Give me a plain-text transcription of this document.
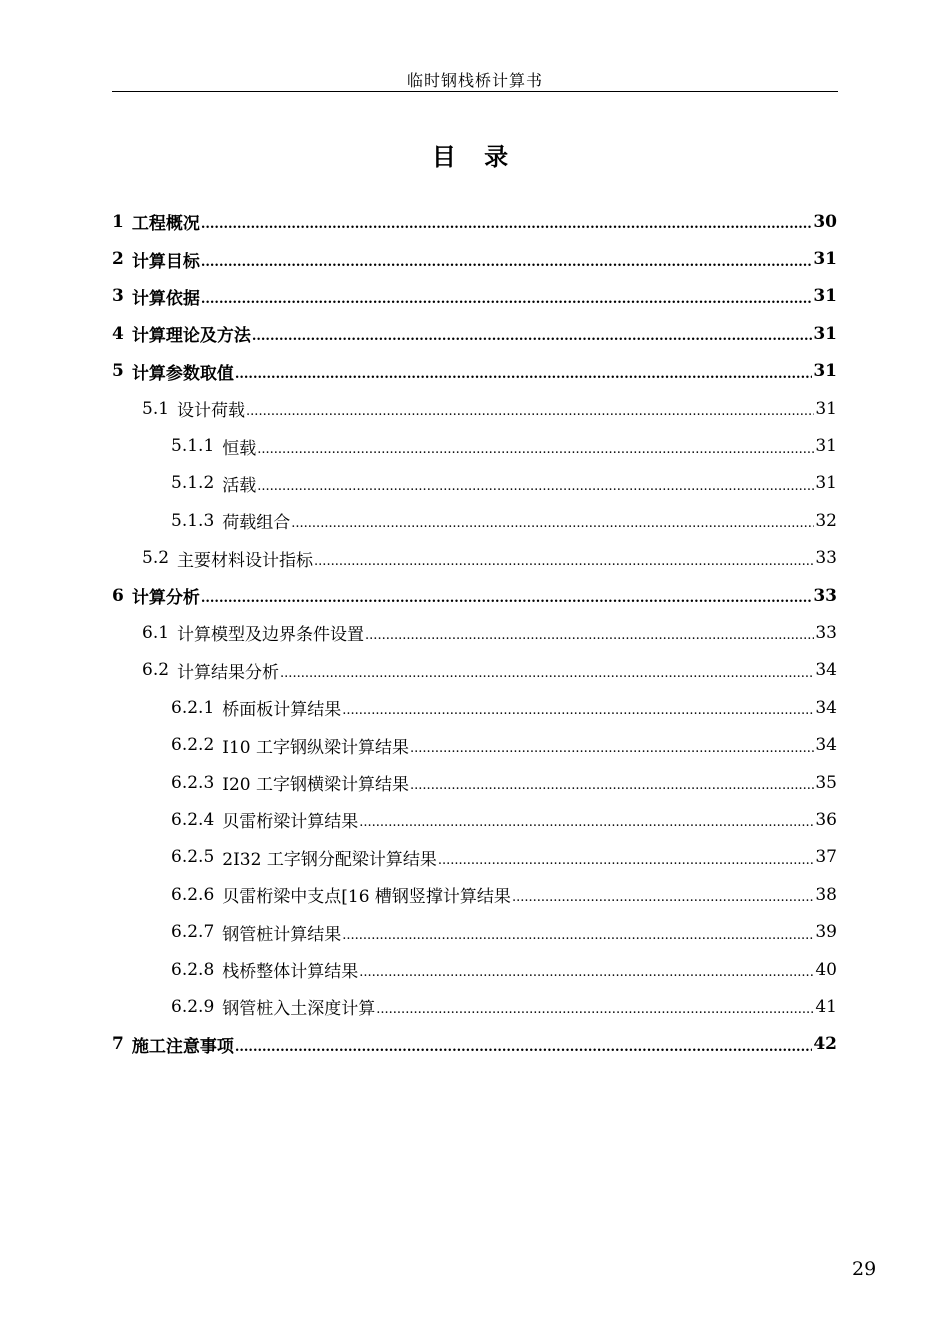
临时钢栈桥计算书
目 录
1 工程概况 .....	30
2 计算目标 .....	31
3 计算依据 .....	31
4 计算理论及方法 .....	31
5 计算参数取值 .....	31
5.1 设计荷载 .....	31
5.1.1 恒载 .....	31
5.1.2 活载 .....	31
5.1.3 荷载组合 .....	32
5.2 主要材料设计指标 .....	33
6 计算分析 .....	33
6.1 计算模型及边界条件设置 .....	33
6.2 计算结果分析 .....	34
6.2.1 桥面板计算结果 .....	34
6.2.2 I10 工字钢纵梁计算结果 .....	34
6.2.3 I20 工字钢横梁计算结果 .....	35
6.2.4 贝雷桁梁计算结果 .....	36
6.2.5 2I32 工字钢分配梁计算结果 .....	37
6.2.6 贝雷桁梁中支点[16 槽钢竖撑计算结果 .....	38
6.2.7 钢管桩计算结果 .....	39
6.2.8 栈桥整体计算结果 .....	40
6.2.9 钢管桩入土深度计算 .....	41
7 施工注意事项 .....	42
29
